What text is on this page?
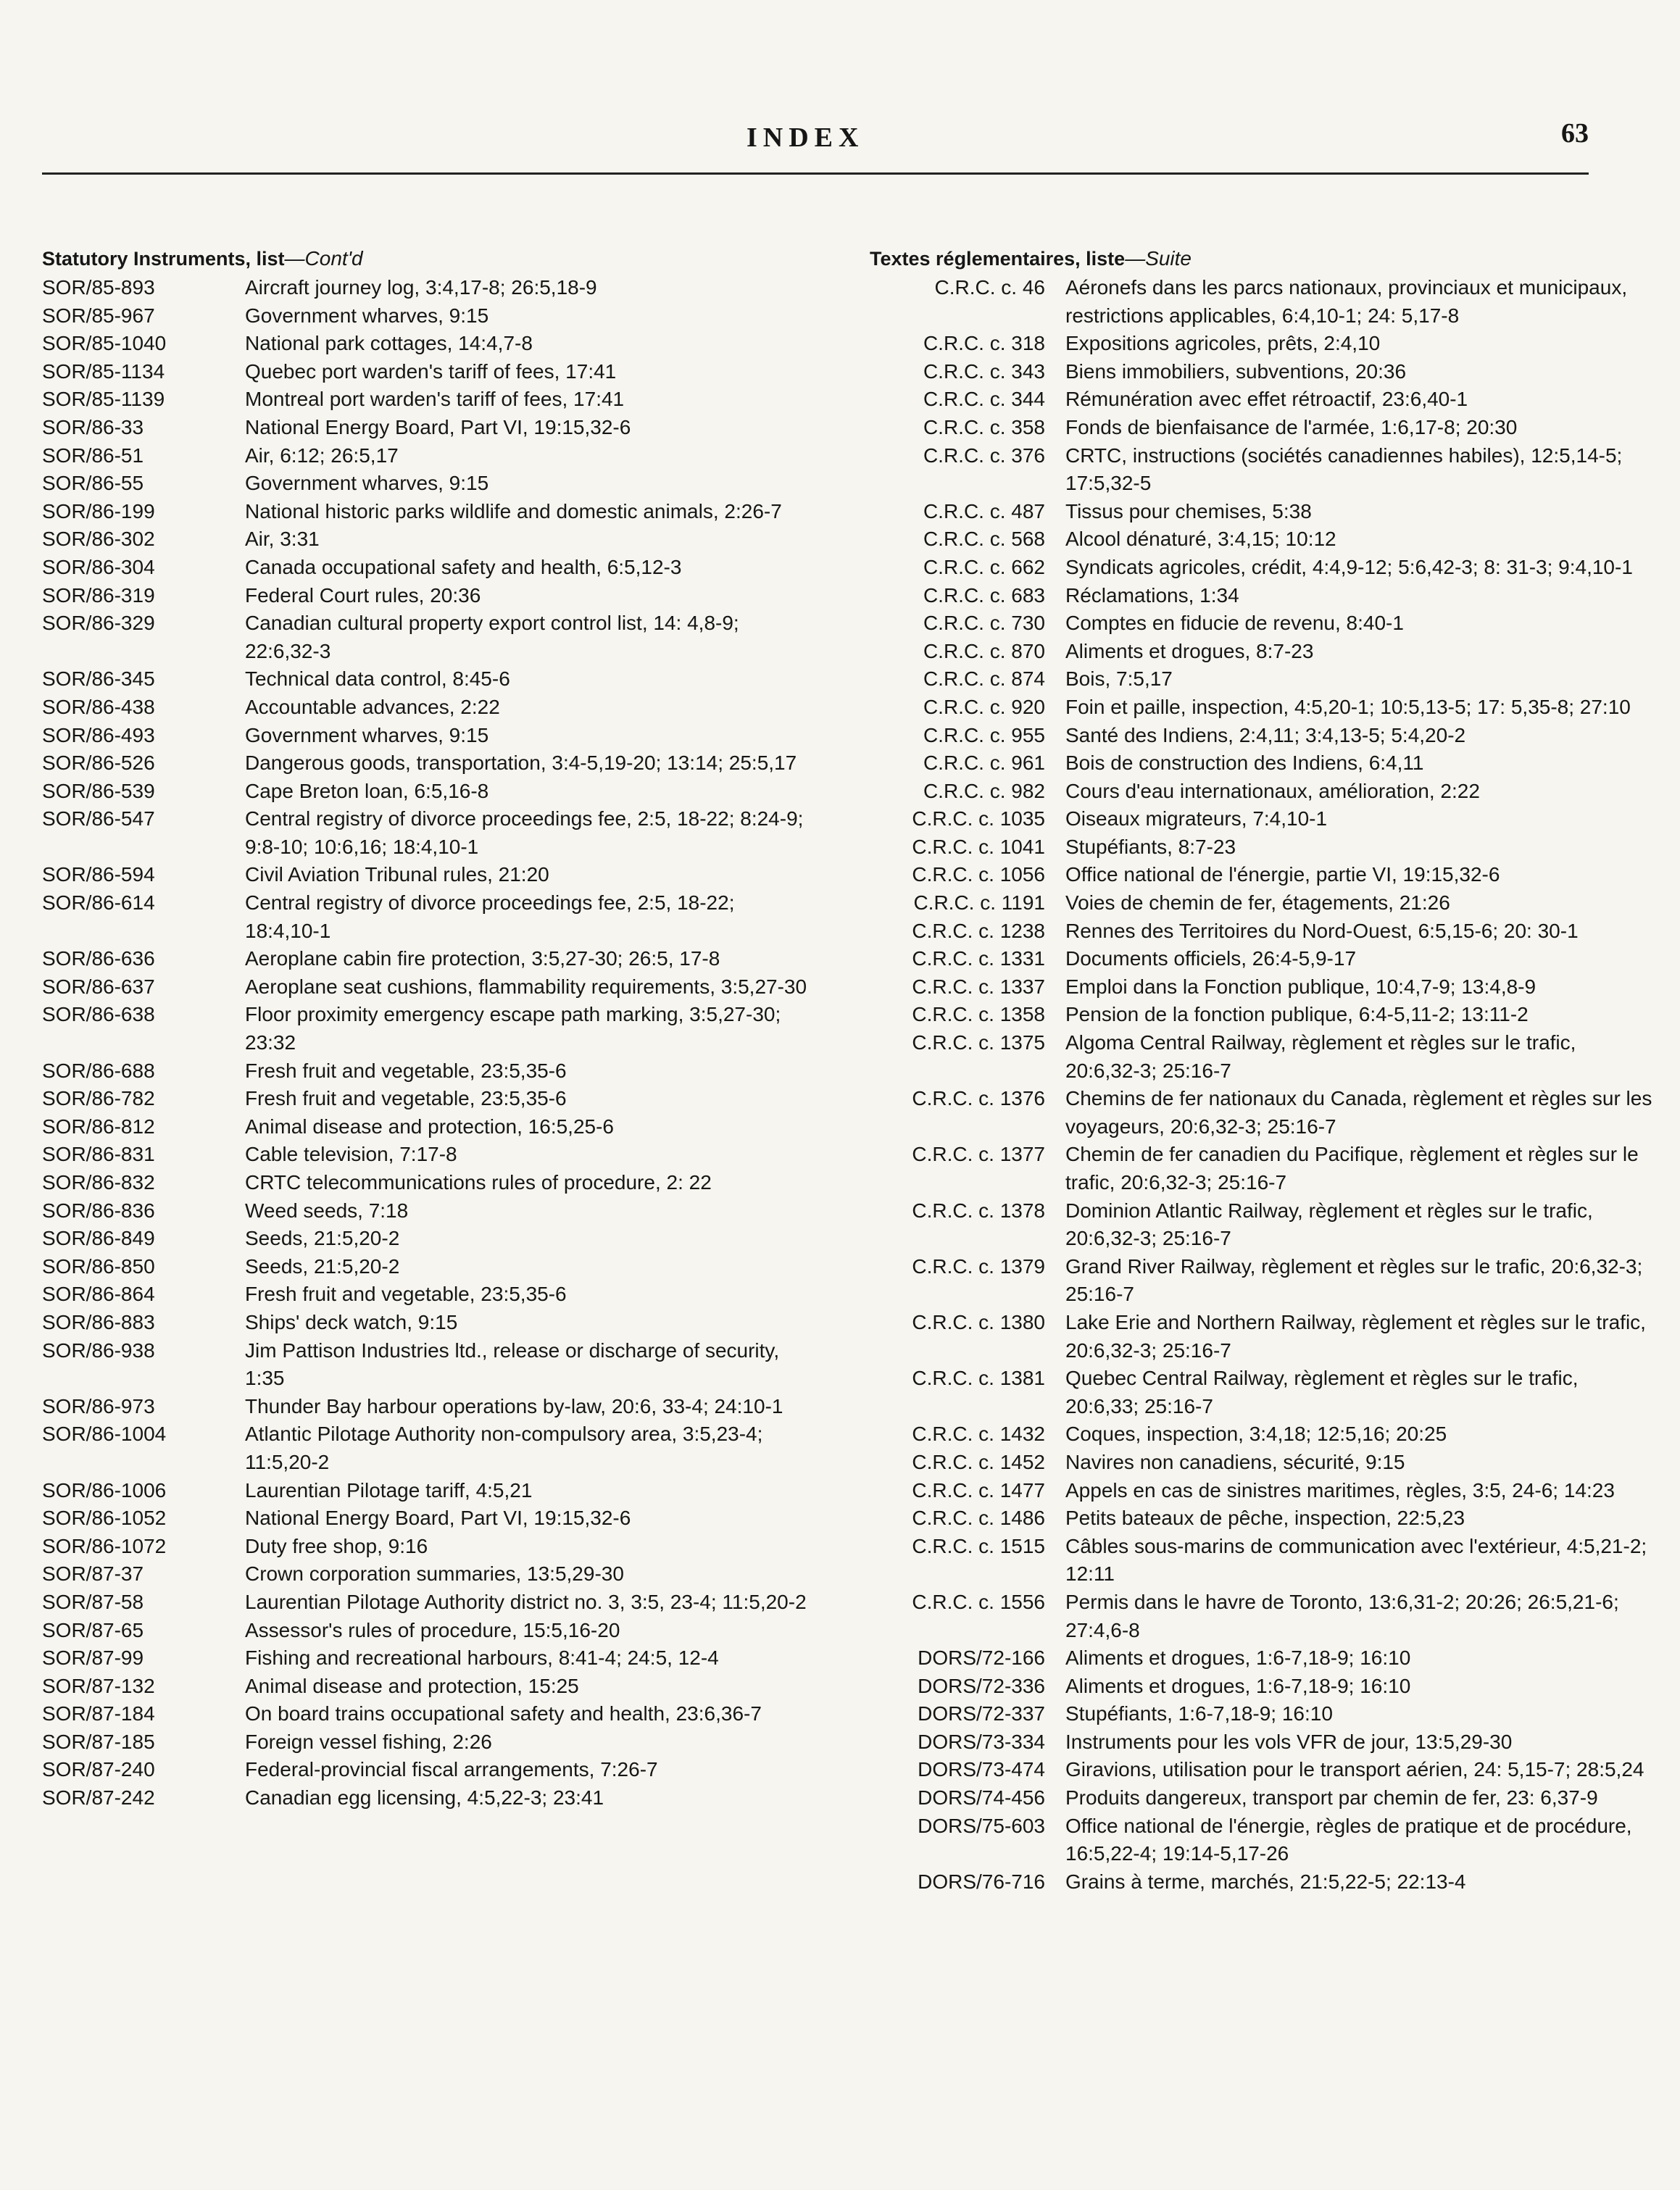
INDEX	63
Statutory Instruments, list—Cont'd
SOR/85-893	Aircraft journey log, 3:4,17-8; 26:5,18-9
SOR/85-967	Government wharves, 9:15
SOR/85-1040	National park cottages, 14:4,7-8
SOR/85-1134	Quebec port warden's tariff of fees, 17:41
SOR/85-1139	Montreal port warden's tariff of fees, 17:41
SOR/86-33	National Energy Board, Part VI, 19:15,32-6
SOR/86-51	Air, 6:12; 26:5,17
SOR/86-55	Government wharves, 9:15
SOR/86-199	National historic parks wildlife and domestic animals, 2:26-7
SOR/86-302	Air, 3:31
SOR/86-304	Canada occupational safety and health, 6:5,12-3
SOR/86-319	Federal Court rules, 20:36
SOR/86-329	Canadian cultural property export control list, 14: 4,8-9; 22:6,32-3
SOR/86-345	Technical data control, 8:45-6
SOR/86-438	Accountable advances, 2:22
SOR/86-493	Government wharves, 9:15
SOR/86-526	Dangerous goods, transportation, 3:4-5,19-20; 13:14; 25:5,17
SOR/86-539	Cape Breton loan, 6:5,16-8
SOR/86-547	Central registry of divorce proceedings fee, 2:5, 18-22; 8:24-9; 9:8-10; 10:6,16; 18:4,10-1
SOR/86-594	Civil Aviation Tribunal rules, 21:20
SOR/86-614	Central registry of divorce proceedings fee, 2:5, 18-22; 18:4,10-1
SOR/86-636	Aeroplane cabin fire protection, 3:5,27-30; 26:5, 17-8
SOR/86-637	Aeroplane seat cushions, flammability requirements, 3:5,27-30
SOR/86-638	Floor proximity emergency escape path marking, 3:5,27-30; 23:32
SOR/86-688	Fresh fruit and vegetable, 23:5,35-6
SOR/86-782	Fresh fruit and vegetable, 23:5,35-6
SOR/86-812	Animal disease and protection, 16:5,25-6
SOR/86-831	Cable television, 7:17-8
SOR/86-832	CRTC telecommunications rules of procedure, 2: 22
SOR/86-836	Weed seeds, 7:18
SOR/86-849	Seeds, 21:5,20-2
SOR/86-850	Seeds, 21:5,20-2
SOR/86-864	Fresh fruit and vegetable, 23:5,35-6
SOR/86-883	Ships' deck watch, 9:15
SOR/86-938	Jim Pattison Industries ltd., release or discharge of security, 1:35
SOR/86-973	Thunder Bay harbour operations by-law, 20:6, 33-4; 24:10-1
SOR/86-1004	Atlantic Pilotage Authority non-compulsory area, 3:5,23-4; 11:5,20-2
SOR/86-1006	Laurentian Pilotage tariff, 4:5,21
SOR/86-1052	National Energy Board, Part VI, 19:15,32-6
SOR/86-1072	Duty free shop, 9:16
SOR/87-37	Crown corporation summaries, 13:5,29-30
SOR/87-58	Laurentian Pilotage Authority district no. 3, 3:5, 23-4; 11:5,20-2
SOR/87-65	Assessor's rules of procedure, 15:5,16-20
SOR/87-99	Fishing and recreational harbours, 8:41-4; 24:5, 12-4
SOR/87-132	Animal disease and protection, 15:25
SOR/87-184	On board trains occupational safety and health, 23:6,36-7
SOR/87-185	Foreign vessel fishing, 2:26
SOR/87-240	Federal-provincial fiscal arrangements, 7:26-7
SOR/87-242	Canadian egg licensing, 4:5,22-3; 23:41
Textes réglementaires, liste—Suite
C.R.C. c. 46	Aéronefs dans les parcs nationaux, provinciaux et municipaux, restrictions applicables, 6:4,10-1; 24: 5,17-8
C.R.C. c. 318	Expositions agricoles, prêts, 2:4,10
C.R.C. c. 343	Biens immobiliers, subventions, 20:36
C.R.C. c. 344	Rémunération avec effet rétroactif, 23:6,40-1
C.R.C. c. 358	Fonds de bienfaisance de l'armée, 1:6,17-8; 20:30
C.R.C. c. 376	CRTC, instructions (sociétés canadiennes habiles), 12:5,14-5; 17:5,32-5
C.R.C. c. 487	Tissus pour chemises, 5:38
C.R.C. c. 568	Alcool dénaturé, 3:4,15; 10:12
C.R.C. c. 662	Syndicats agricoles, crédit, 4:4,9-12; 5:6,42-3; 8: 31-3; 9:4,10-1
C.R.C. c. 683	Réclamations, 1:34
C.R.C. c. 730	Comptes en fiducie de revenu, 8:40-1
C.R.C. c. 870	Aliments et drogues, 8:7-23
C.R.C. c. 874	Bois, 7:5,17
C.R.C. c. 920	Foin et paille, inspection, 4:5,20-1; 10:5,13-5; 17: 5,35-8; 27:10
C.R.C. c. 955	Santé des Indiens, 2:4,11; 3:4,13-5; 5:4,20-2
C.R.C. c. 961	Bois de construction des Indiens, 6:4,11
C.R.C. c. 982	Cours d'eau internationaux, amélioration, 2:22
C.R.C. c. 1035	Oiseaux migrateurs, 7:4,10-1
C.R.C. c. 1041	Stupéfiants, 8:7-23
C.R.C. c. 1056	Office national de l'énergie, partie VI, 19:15,32-6
C.R.C. c. 1191	Voies de chemin de fer, étagements, 21:26
C.R.C. c. 1238	Rennes des Territoires du Nord-Ouest, 6:5,15-6; 20: 30-1
C.R.C. c. 1331	Documents officiels, 26:4-5,9-17
C.R.C. c. 1337	Emploi dans la Fonction publique, 10:4,7-9; 13:4,8-9
C.R.C. c. 1358	Pension de la fonction publique, 6:4-5,11-2; 13:11-2
C.R.C. c. 1375	Algoma Central Railway, règlement et règles sur le trafic, 20:6,32-3; 25:16-7
C.R.C. c. 1376	Chemins de fer nationaux du Canada, règlement et règles sur les voyageurs, 20:6,32-3; 25:16-7
C.R.C. c. 1377	Chemin de fer canadien du Pacifique, règlement et règles sur le trafic, 20:6,32-3; 25:16-7
C.R.C. c. 1378	Dominion Atlantic Railway, règlement et règles sur le trafic, 20:6,32-3; 25:16-7
C.R.C. c. 1379	Grand River Railway, règlement et règles sur le trafic, 20:6,32-3; 25:16-7
C.R.C. c. 1380	Lake Erie and Northern Railway, règlement et règles sur le trafic, 20:6,32-3; 25:16-7
C.R.C. c. 1381	Quebec Central Railway, règlement et règles sur le trafic, 20:6,33; 25:16-7
C.R.C. c. 1432	Coques, inspection, 3:4,18; 12:5,16; 20:25
C.R.C. c. 1452	Navires non canadiens, sécurité, 9:15
C.R.C. c. 1477	Appels en cas de sinistres maritimes, règles, 3:5, 24-6; 14:23
C.R.C. c. 1486	Petits bateaux de pêche, inspection, 22:5,23
C.R.C. c. 1515	Câbles sous-marins de communication avec l'extérieur, 4:5,21-2; 12:11
C.R.C. c. 1556	Permis dans le havre de Toronto, 13:6,31-2; 20:26; 26:5,21-6; 27:4,6-8
DORS/72-166	Aliments et drogues, 1:6-7,18-9; 16:10
DORS/72-336	Aliments et drogues, 1:6-7,18-9; 16:10
DORS/72-337	Stupéfiants, 1:6-7,18-9; 16:10
DORS/73-334	Instruments pour les vols VFR de jour, 13:5,29-30
DORS/73-474	Giravions, utilisation pour le transport aérien, 24: 5,15-7; 28:5,24
DORS/74-456	Produits dangereux, transport par chemin de fer, 23: 6,37-9
DORS/75-603	Office national de l'énergie, règles de pratique et de procédure, 16:5,22-4; 19:14-5,17-26
DORS/76-716	Grains à terme, marchés, 21:5,22-5; 22:13-4
